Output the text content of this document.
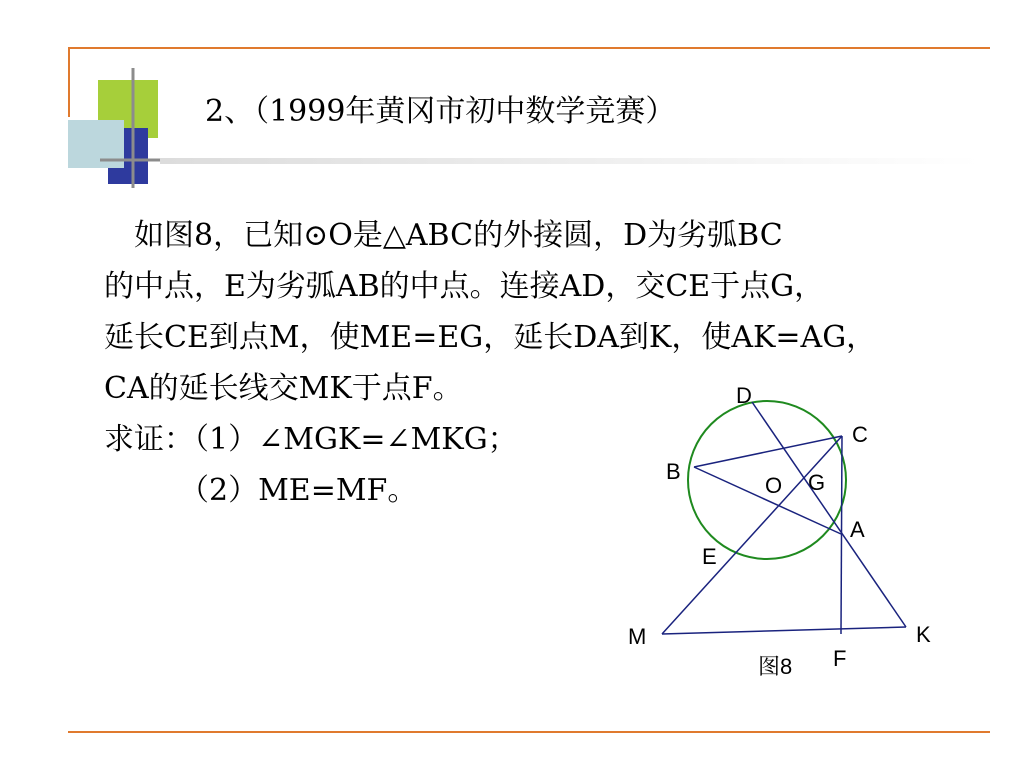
2、（1999年黄冈市初中数学竞赛）
　如图8，已知⊙O是△ABC的外接圆，D为劣弧BC
的中点，E为劣弧AB的中点。连接AD，交CE于点G，
延长CE到点M，使ME=EG，延长DA到K，使AK=AG，
CA的延长线交MK于点F。
求证：（1）∠MGK=∠MKG；
　　　（2）ME=MF。
D
C
B
O G
A
E
M	K
F
图8
